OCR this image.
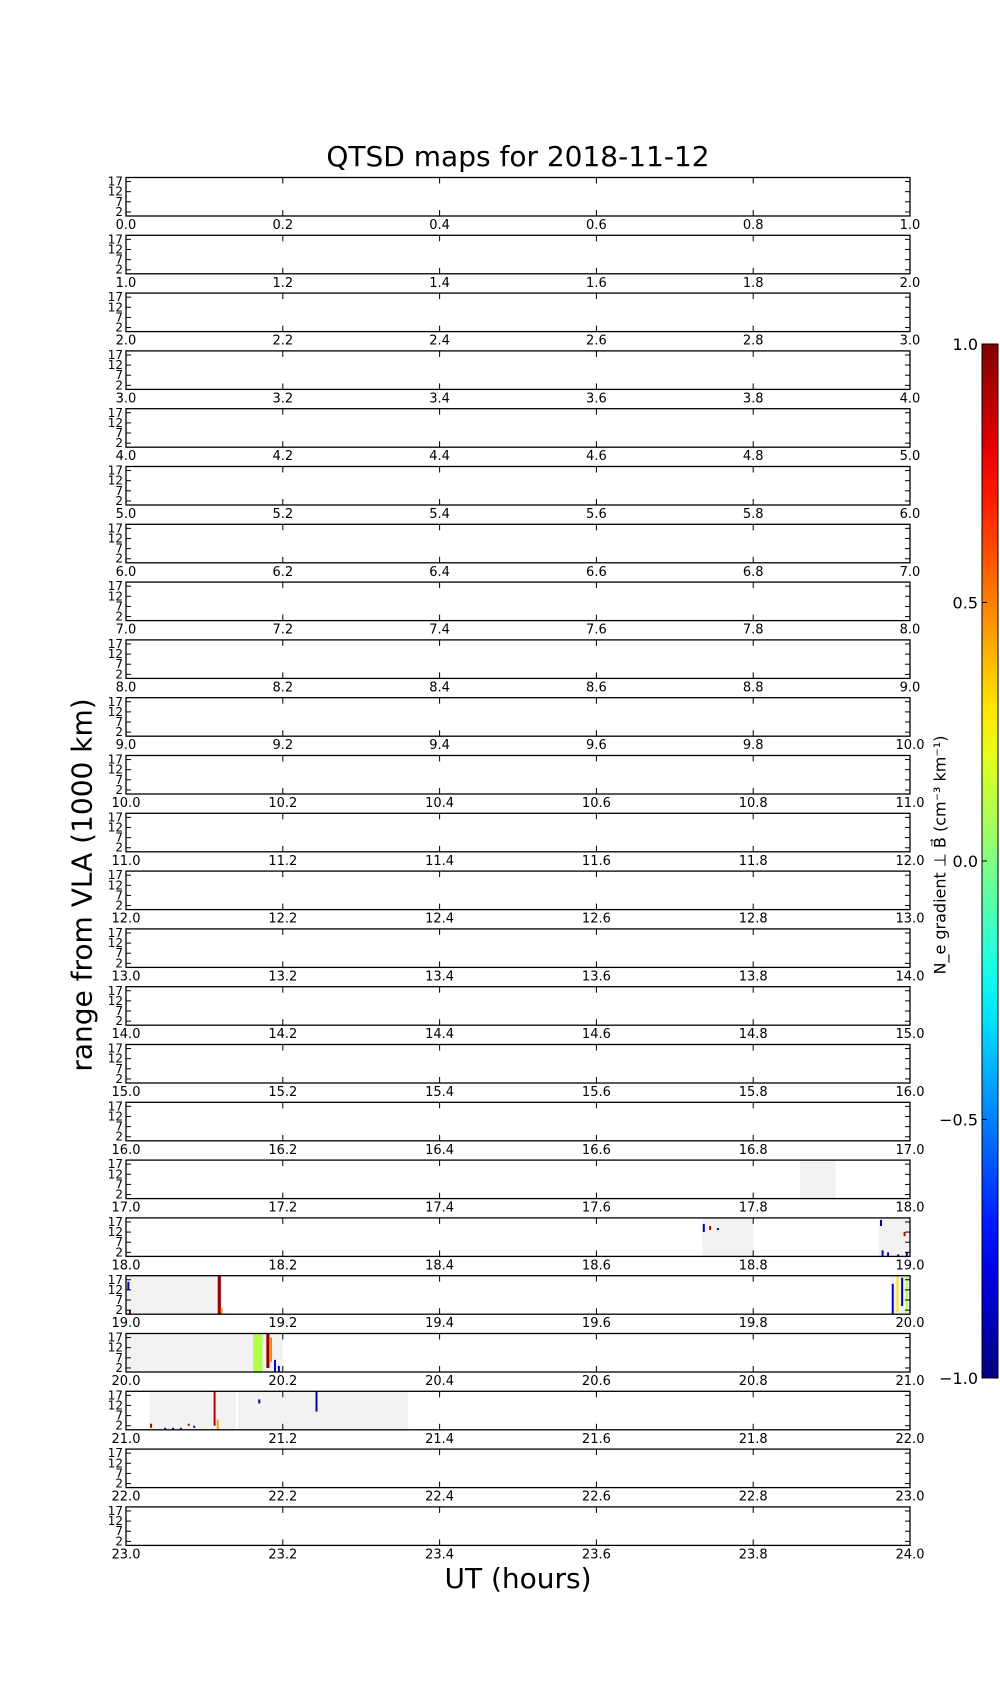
QTSD maps for 2018-11-12
range from VLA (1000 km)
UT (hours)
N_e gradient ⊥ B⃗ (cm⁻³ km⁻¹)
17
12
7
2
0.0	0.2	0.4	0.6	0.8	1.0
17
12
7
2
1.0	1.2	1.4	1.6	1.8	2.0
17
12
7
2
2.0	2.2	2.4	2.6	2.8	3.0
17
12
7
2
3.0	3.2	3.4	3.6	3.8	4.0
17
12
7
2
4.0	4.2	4.4	4.6	4.8	5.0
17
12
7
2
5.0	5.2	5.4	5.6	5.8	6.0
17
12
7
2
6.0	6.2	6.4	6.6	6.8	7.0
17
12
7
2
7.0	7.2	7.4	7.6	7.8	8.0
17
12
7
2
8.0	8.2	8.4	8.6	8.8	9.0
17
12
7
2
9.0	9.2	9.4	9.6	9.8	10.0
17
12
7
2
10.0	10.2	10.4	10.6	10.8	11.0
17
12
7
2
11.0	11.2	11.4	11.6	11.8	12.0
17
12
7
2
12.0	12.2	12.4	12.6	12.8	13.0
17
12
7
2
13.0	13.2	13.4	13.6	13.8	14.0
17
12
7
2
14.0	14.2	14.4	14.6	14.8	15.0
17
12
7
2
15.0	15.2	15.4	15.6	15.8	16.0
17
12
7
2
16.0	16.2	16.4	16.6	16.8	17.0
17
12
7
2
17.0	17.2	17.4	17.6	17.8	18.0
17
12
7
2
18.0	18.2	18.4	18.6	18.8	19.0
17
12
7
2
19.0	19.2	19.4	19.6	19.8	20.0
17
12
7
2
20.0	20.2	20.4	20.6	20.8	21.0
17
12
7
2
21.0	21.2	21.4	21.6	21.8	22.0
17
12
7
2
22.0	22.2	22.4	22.6	22.8	23.0
17
12
7
2
23.0	23.2	23.4	23.6	23.8	24.0
1.0
0.5
0.0
−0.5
−1.0
